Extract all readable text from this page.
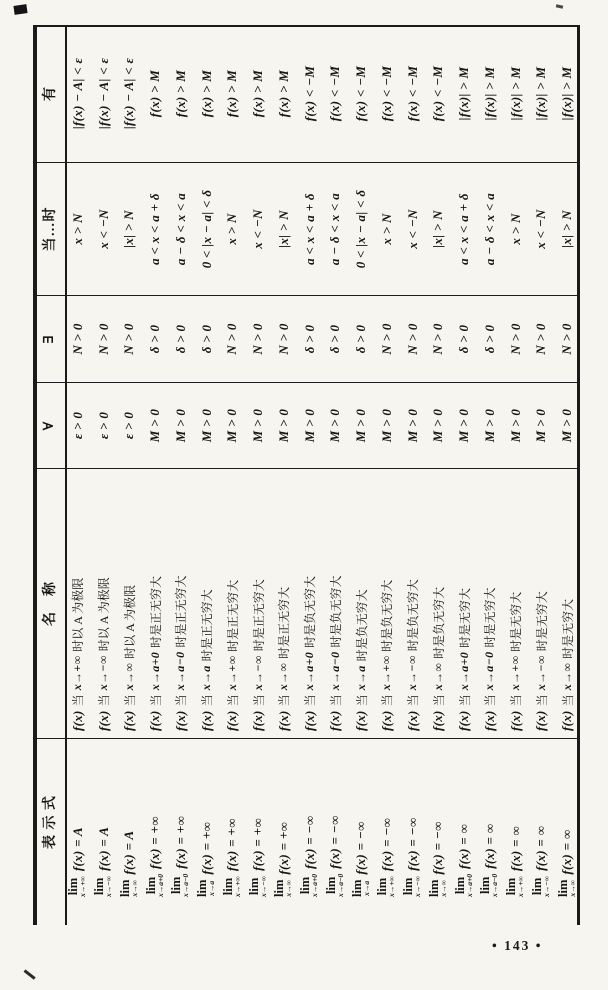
表 示 式
lim
x→+∞
f(x) = A
lim
x→−∞
f(x) = A
lim
x→∞
f(x) = A
lim
x→a+0
f(x) = +∞
lim
x→a−0
f(x) = +∞
lim
x→a
f(x) = +∞
lim
x→+∞
f(x) = +∞
lim
x→−∞
f(x) = +∞
lim
x→∞
f(x) = +∞
lim
x→a+0
f(x) = −∞
lim
x→a−0
f(x) = −∞
lim
x→a
f(x) = −∞
lim
x→+∞
f(x) = −∞
lim
x→−∞
f(x) = −∞
lim
x→∞
f(x) = −∞
lim
x→a+0
f(x) = ∞
lim
x→a−0
f(x) = ∞
lim
x→+∞
f(x) = ∞
lim
x→−∞
f(x) = ∞
lim
x→∞
f(x) = ∞
名　称
f(x)
当
x→+∞
时以 A 为极限
f(x)
当
x→−∞
时以 A 为极限
f(x)
当
x→∞
时以 A 为极限
f(x)
当
x→a+0
时是正无穷大
f(x)
当
x→a−0
时是正无穷大
f(x)
当
x→a
时是正无穷大
f(x)
当
x→+∞
时是正无穷大
f(x)
当
x→−∞
时是正无穷大
f(x)
当
x→∞
时是正无穷大
f(x)
当
x→a+0
时是负无穷大
f(x)
当
x→a−0
时是负无穷大
f(x)
当
x→a
时是负无穷大
f(x)
当
x→+∞
时是负无穷大
f(x)
当
x→−∞
时是负无穷大
f(x)
当
x→∞
时是负无穷大
f(x)
当
x→a+0
时是无穷大
f(x)
当
x→a−0
时是无穷大
f(x)
当
x→+∞
时是无穷大
f(x)
当
x→−∞
时是无穷大
f(x)
当
x→∞
时是无穷大
∀	ε > 0 ε > 0 ε > 0 M > 0 M > 0 M > 0 M > 0 M > 0 M > 0 M > 0 M > 0 M > 0 M > 0 M > 0 M > 0 M > 0 M > 0 M > 0 M > 0 M > 0
∃	N > 0 N > 0 N > 0 δ > 0 δ > 0 δ > 0 N > 0 N > 0 N > 0 δ > 0 δ > 0 δ > 0 N > 0 N > 0 N > 0 δ > 0 δ > 0 N > 0 N > 0 N > 0
当…时 x > N x < −N |x| > N a < x < a + δ a − δ < x < a 0 < |x − a| < δ x > N x < −N |x| > N a < x < a + δ a − δ < x < a 0 < |x − a| < δ x > N x < −N |x| > N a < x < a + δ a − δ < x < a x > N x < −N |x| > N
有 |f(x) − A| < ε |f(x) − A| < ε |f(x) − A| < ε f(x) > M f(x) > M f(x) > M f(x) > M f(x) > M f(x) > M f(x) < −M f(x) < −M f(x) < −M f(x) < −M f(x) < −M f(x) < −M |f(x)| > M |f(x)| > M |f(x)| > M |f(x)| > M |f(x)| > M
• 143 •
